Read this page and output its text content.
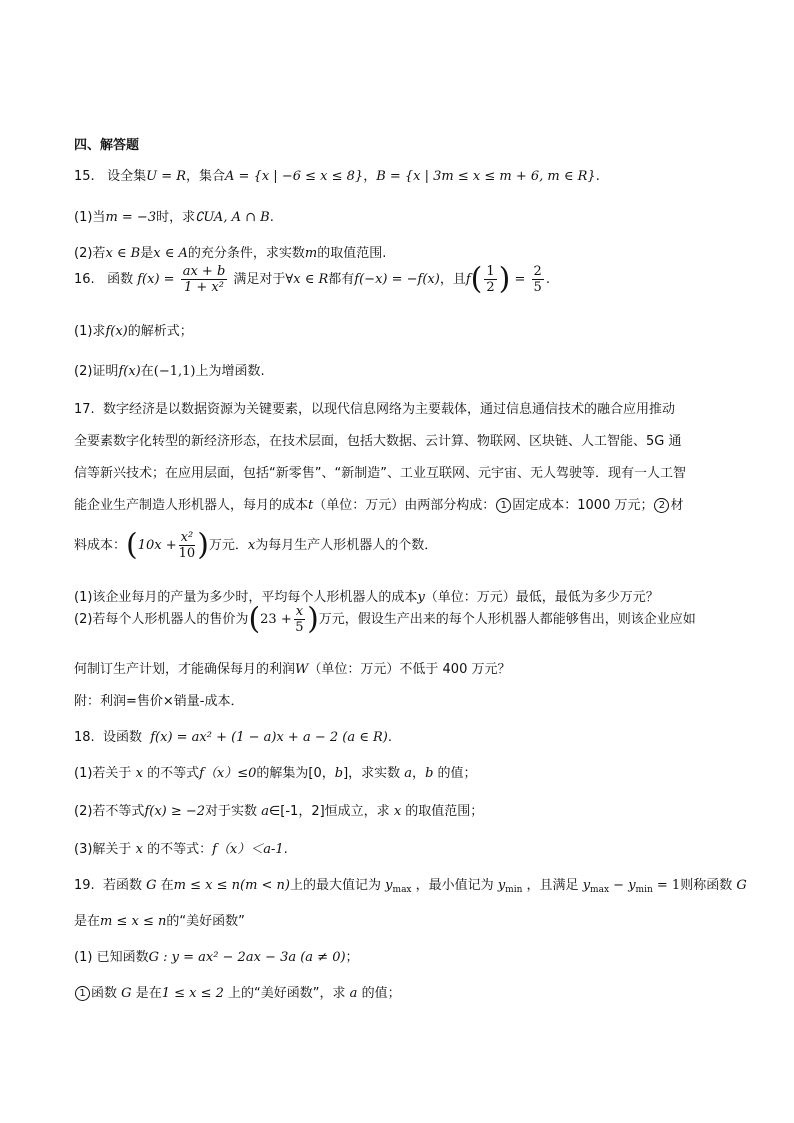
四、解答题
15. 设全集U = R，集合A = {x | −6 ≤ x ≤ 8}，B = {x | 3m ≤ x ≤ m + 6, m ∈ R}.
(1)当m = −3时，求∁UA, A ∩ B.
(2)若x ∈ B是x ∈ A的充分条件，求实数m的取值范围.
16. 函数 $f(x) = \frac{ax + b}{\text{1 + x²}}$ 满足对于∀x ∈ R都有f(−x) = −f(x)，且$f( \frac{1}{2}$ ) = $\frac{2}{5}$ .
(1)求f(x)的解析式；
(2)证明f(x)在(−1,1)上为增函数.
17. 数字经济是以数据资源为关键要素，以现代信息网络为主要载体，通过信息通信技术的融合应用推动
全要素数字化转型的新经济形态，在技术层面，包括大数据、云计算、物联网、区块链、人工智能、5G 通
信等新兴技术；在应用层面，包括“新零售”、“新制造”、工业互联网、元宇宙、无人驾驶等．现有一人工智
能企业生产制造人形机器人，每月的成本t（单位：万元）由两部分构成： 1 固定成本：1000 万元； 2 材
料成本：($10x + \frac{\text{x²}}{10}$ )万元．x为每月生产人形机器人的个数．
(1)该企业每月的产量为多少时，平均每个人形机器人的成本y（单位：万元）最低，最低为多少万元？
(2)若每个人形机器人的售价为($23 + \frac{x}{5}$ )万元，假设生产出来的每个人形机器人都能够售出，则该企业应如
何制订生产计划，才能确保每月的利润W（单位：万元）不低于 400 万元？
附：利润=售价×销量-成本．
18. 设函数 f(x) = ax² + (1 − a)x + a − 2 (a ∈ R).
(1)若关于 x 的不等式f（x）≤0的解集为[0，b]，求实数 a，b 的值；
(2)若不等式f(x) ≥ −2对于实数 a∈[-1，2]恒成立，求 x 的取值范围；
(3)解关于 x 的不等式：f（x）＜a-1.
19. 若函数 G 在m ≤ x ≤ n(m < n)上的最大值记为 $y_{max}$ ，最小值记为 $y_{min}$ ，且满足 $y_{max} - y_{min} = 1$则称函数 G
是在m ≤ x ≤ n的“美好函数”
(1) 已知函数G : y = ax² − 2ax − 3a (a ≠ 0)；
1 函数 G 是在1 ≤ x ≤ 2 上的“美好函数”，求 a 的值；
